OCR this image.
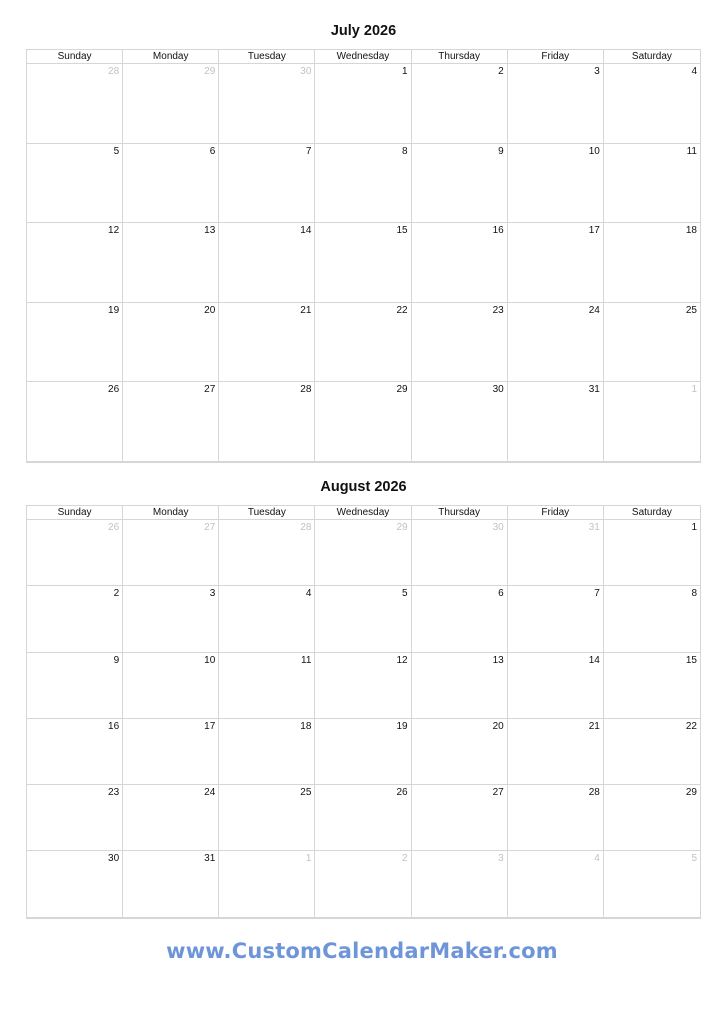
July 2026
Sunday	Monday	Tuesday	Wednesday	Thursday	Friday	Saturday
28	29	30	1	2	3	4
5	6	7	8	9	10	11
12	13	14	15	16	17	18
19	20	21	22	23	24	25
26	27	28	29	30	31	1
August 2026
Sunday	Monday	Tuesday	Wednesday	Thursday	Friday	Saturday
26	27	28	29	30	31	1
2	3	4	5	6	7	8
9	10	11	12	13	14	15
16	17	18	19	20	21	22
23	24	25	26	27	28	29
30	31	1	2	3	4	5
www.CustomCalendarMaker.com
